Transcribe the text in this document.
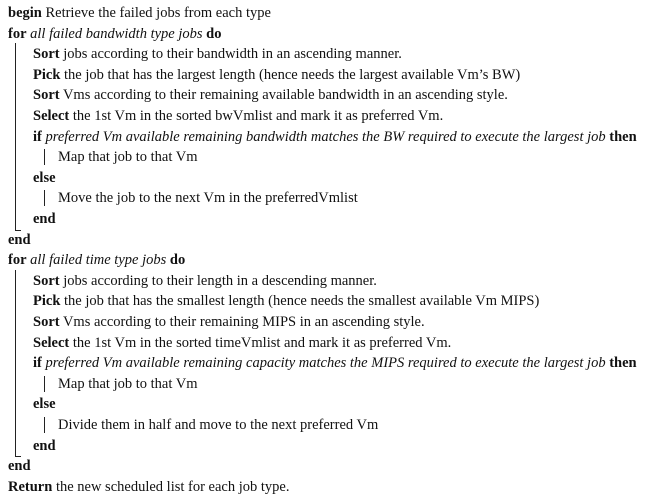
begin Retrieve the failed jobs from each type
for all failed bandwidth type jobs do
Sort jobs according to their bandwidth in an ascending manner.
Pick the job that has the largest length (hence needs the largest available Vm’s BW)
Sort Vms according to their remaining available bandwidth in an ascending style.
Select the 1st Vm in the sorted bwVmlist and mark it as preferred Vm.
if preferred Vm available remaining bandwidth matches the BW required to execute the largest job then
Map that job to that Vm
else
Move the job to the next Vm in the preferredVmlist
end
end
for all failed time type jobs do
Sort jobs according to their length in a descending manner.
Pick the job that has the smallest length (hence needs the smallest available Vm MIPS)
Sort Vms according to their remaining MIPS in an ascending style.
Select the 1st Vm in the sorted timeVmlist and mark it as preferred Vm.
if preferred Vm available remaining capacity matches the MIPS required to execute the largest job then
Map that job to that Vm
else
Divide them in half and move to the next preferred Vm
end
end
Return the new scheduled list for each job type.
